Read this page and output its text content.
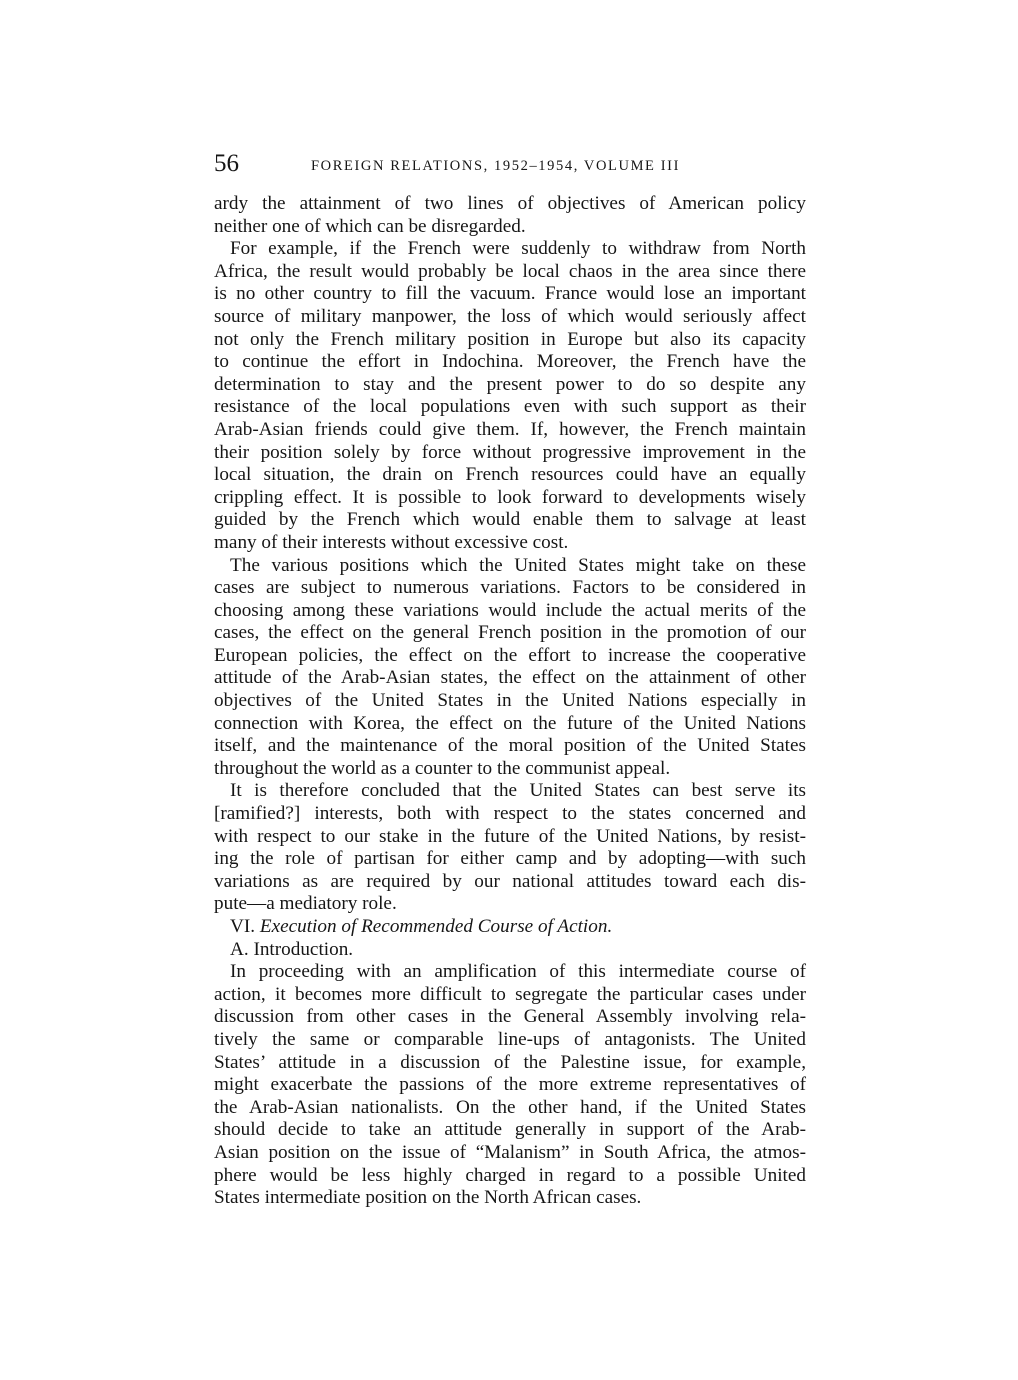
56	FOREIGN RELATIONS, 1952–1954, VOLUME III
ardy the attainment of two lines of objectives of American policy
neither one of which can be disregarded.
For example, if the French were suddenly to withdraw from North
Africa, the result would probably be local chaos in the area since there
is no other country to fill the vacuum. France would lose an important
source of military manpower, the loss of which would seriously affect
not only the French military position in Europe but also its capacity
to continue the effort in Indochina. Moreover, the French have the
determination to stay and the present power to do so despite any
resistance of the local populations even with such support as their
Arab-Asian friends could give them. If, however, the French maintain
their position solely by force without progressive improvement in the
local situation, the drain on French resources could have an equally
crippling effect. It is possible to look forward to developments wisely
guided by the French which would enable them to salvage at least
many of their interests without excessive cost.
The various positions which the United States might take on these
cases are subject to numerous variations. Factors to be considered in
choosing among these variations would include the actual merits of the
cases, the effect on the general French position in the promotion of our
European policies, the effect on the effort to increase the cooperative
attitude of the Arab-Asian states, the effect on the attainment of other
objectives of the United States in the United Nations especially in
connection with Korea, the effect on the future of the United Nations
itself, and the maintenance of the moral position of the United States
throughout the world as a counter to the communist appeal.
It is therefore concluded that the United States can best serve its
[ramified?] interests, both with respect to the states concerned and
with respect to our stake in the future of the United Nations, by resist-
ing the role of partisan for either camp and by adopting—with such
variations as are required by our national attitudes toward each dis-
pute—a mediatory role.
VI. Execution of Recommended Course of Action.
A. Introduction.
In proceeding with an amplification of this intermediate course of
action, it becomes more difficult to segregate the particular cases under
discussion from other cases in the General Assembly involving rela-
tively the same or comparable line-ups of antagonists. The United
States’ attitude in a discussion of the Palestine issue, for example,
might exacerbate the passions of the more extreme representatives of
the Arab-Asian nationalists. On the other hand, if the United States
should decide to take an attitude generally in support of the Arab-
Asian position on the issue of “Malanism” in South Africa, the atmos-
phere would be less highly charged in regard to a possible United
States intermediate position on the North African cases.
